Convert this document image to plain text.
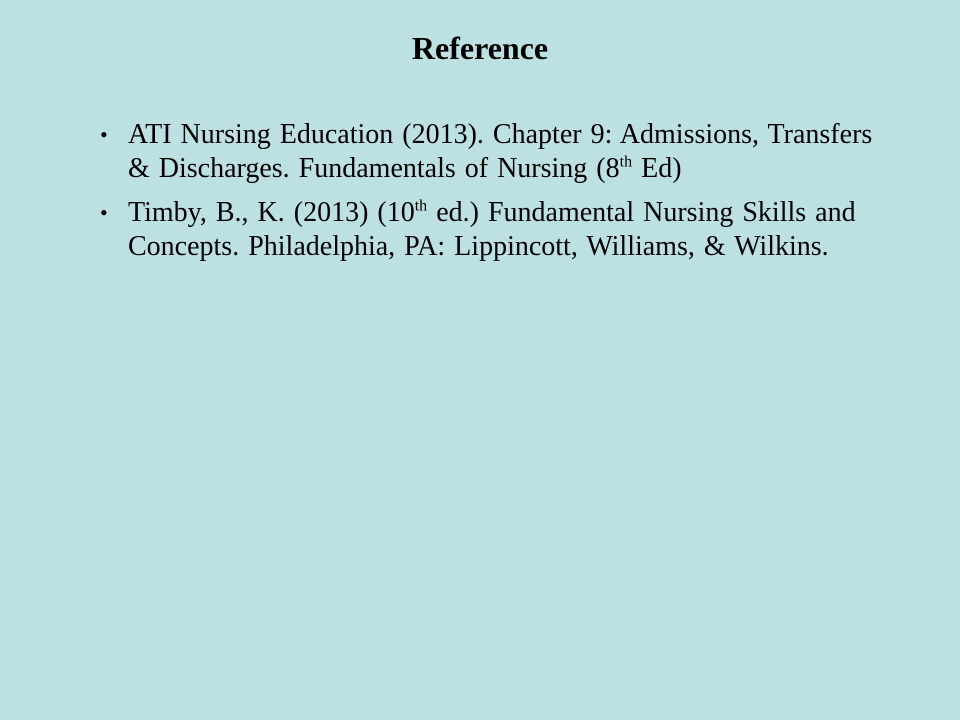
Reference
• ATI Nursing Education (2013). Chapter 9: Admissions, Transfers & Discharges. Fundamentals of Nursing (8th Ed)
• Timby, B., K. (2013) (10th ed.) Fundamental Nursing Skills and Concepts. Philadelphia, PA: Lippincott, Williams, & Wilkins.
